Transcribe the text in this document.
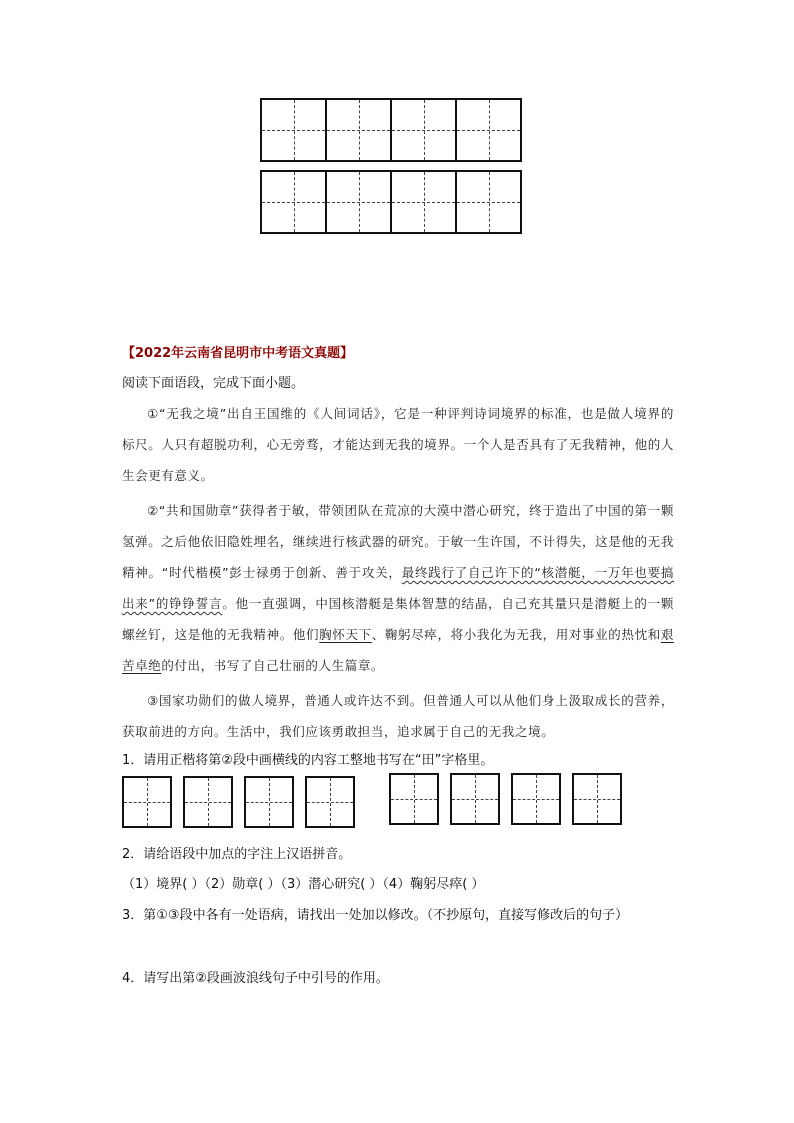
【2022年云南省昆明市中考语文真题】
阅读下面语段，完成下面小题。

①“无我之境”出自王国维的《人间词话》，它是一种评判诗词境界的标准，也是做人境界的标尺。人只有超脱功利，心无旁骛，才能达到无我的境界。一个人是否具有了无我精神，他的人生会更有意义。

②“共和国勋章”获得者于敏，带领团队在荒凉的大漠中潜心研究，终于造出了中国的第一颗氢弹。之后他依旧隐姓埋名，继续进行核武器的研究。于敏一生许国，不计得失，这是他的无我精神。“时代楷模”彭士禄勇于创新、善于攻关，最终践行了自己许下的“核潜艇，一万年也要搞出来”的铮铮誓言。他一直强调，中国核潜艇是集体智慧的结晶，自己充其量只是潜艇上的一颗螺丝钉，这是他的无我精神。他们胸怀天下、鞠躬尽瘁，将小我化为无我，用对事业的热忱和艰苦卓绝的付出，书写了自己壮丽的人生篇章。

③国家功勋们的做人境界，普通人或许达不到。但普通人可以从他们身上汲取成长的营养，获取前进的方向。生活中，我们应该勇敢担当，追求属于自己的无我之境。

1．请用正楷将第②段中画横线的内容工整地书写在“田”字格里。
2．请给语段中加点的字注上汉语拼音。
（1）境界( ）（2）勋章( ）（3）潜心研究( ）（4）鞠躬尽瘁( ）
3．第①③段中各有一处语病，请找出一处加以修改。（不抄原句，直接写修改后的句子）
4．请写出第②段画波浪线句子中引号的作用。
